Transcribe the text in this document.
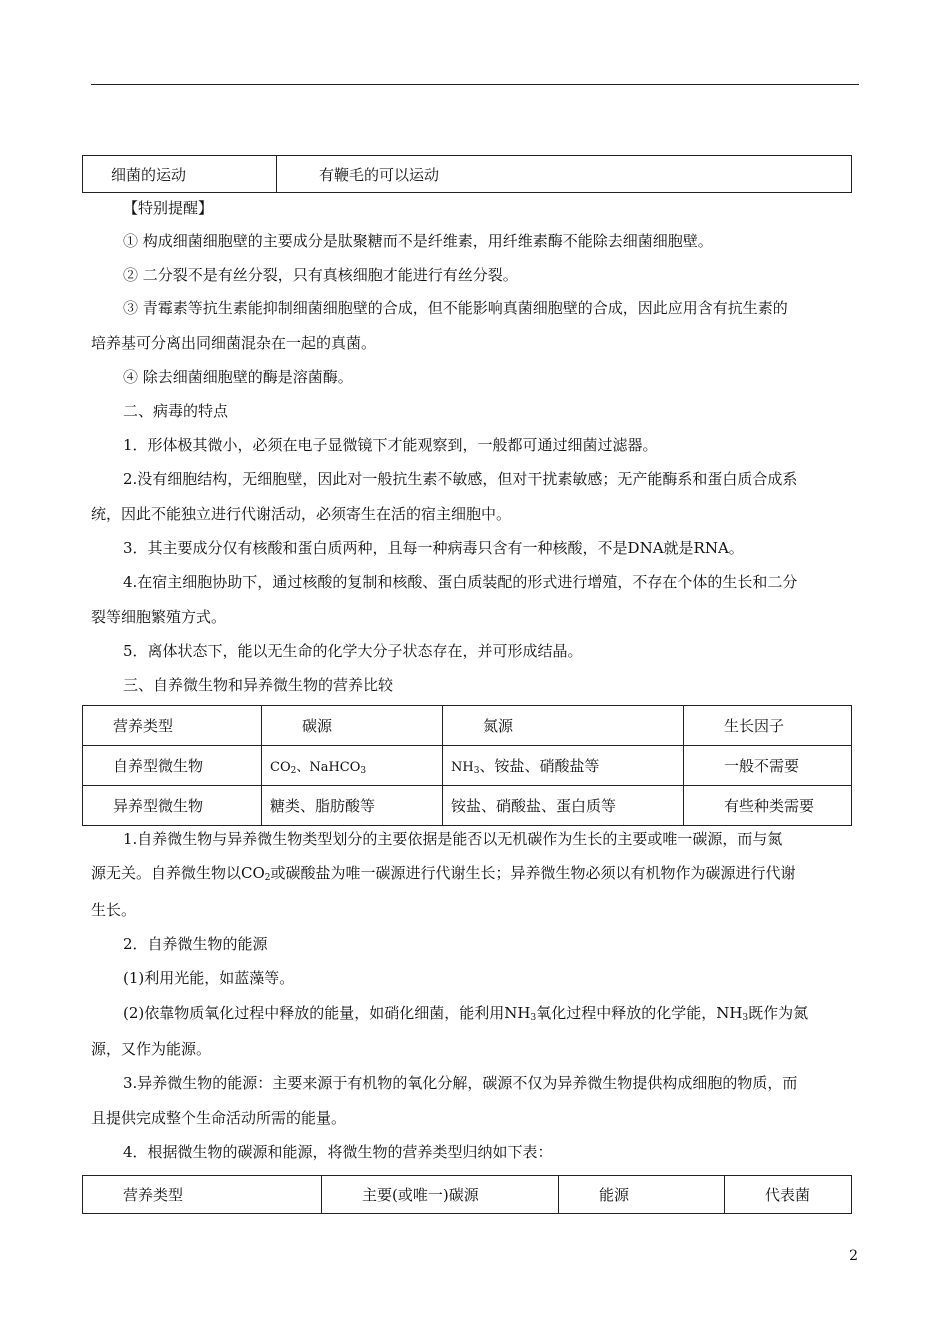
细菌的运动	有鞭毛的可以运动
【特别提醒】
① 构成细菌细胞壁的主要成分是肽聚糖而不是纤维素，用纤维素酶不能除去细菌细胞壁。
② 二分裂不是有丝分裂，只有真核细胞才能进行有丝分裂。
③ 青霉素等抗生素能抑制细菌细胞壁的合成，但不能影响真菌细胞壁的合成，因此应用含有抗生素的
培养基可分离出同细菌混杂在一起的真菌。
④ 除去细菌细胞壁的酶是溶菌酶。
二、病毒的特点
1．形体极其微小，必须在电子显微镜下才能观察到，一般都可通过细菌过滤器。
2.没有细胞结构，无细胞壁，因此对一般抗生素不敏感，但对干扰素敏感；无产能酶系和蛋白质合成系
统，因此不能独立进行代谢活动，必须寄生在活的宿主细胞中。
3．其主要成分仅有核酸和蛋白质两种，且每一种病毒只含有一种核酸，不是DNA就是RNA。
4.在宿主细胞协助下，通过核酸的复制和核酸、蛋白质装配的形式进行增殖，不存在个体的生长和二分
裂等细胞繁殖方式。
5．离体状态下，能以无生命的化学大分子状态存在，并可形成结晶。
三、自养微生物和异养微生物的营养比较
营养类型	碳源	氮源	生长因子
自养型微生物	$CO_2$、NaHCO$_3$	$NH_3$、铵盐、硝酸盐等	一般不需要
异养型微生物	糖类、脂肪酸等	铵盐、硝酸盐、蛋白质等	有些种类需要
1.自养微生物与异养微生物类型划分的主要依据是能否以无机碳作为生长的主要或唯一碳源，而与氮
源无关。自养微生物以$CO_2$或碳酸盐为唯一碳源进行代谢生长；异养微生物必须以有机物作为碳源进行代谢
生长。
2．自养微生物的能源
(1)利用光能，如蓝藻等。
(2)依靠物质氧化过程中释放的能量，如硝化细菌，能利用$NH_3$氧化过程中释放的化学能，$NH_3$既作为氮
源，又作为能源。
3.异养微生物的能源：主要来源于有机物的氧化分解，碳源不仅为异养微生物提供构成细胞的物质，而
且提供完成整个生命活动所需的能量。
4．根据微生物的碳源和能源，将微生物的营养类型归纳如下表：
营养类型	主要(或唯一)碳源	能源	代表菌
2
